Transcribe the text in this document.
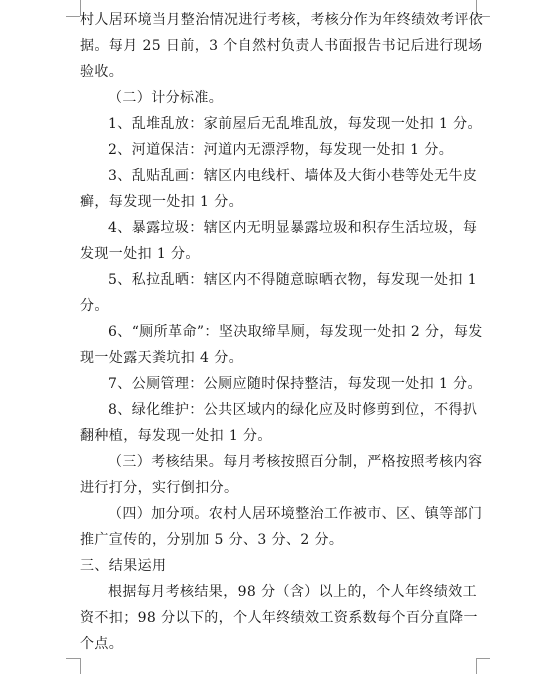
村人居环境当月整治情况进行考核，考核分作为年终绩效考评依
据。每月 25 日前，3 个自然村负责人书面报告书记后进行现场
验收。
（二）计分标准。
1、乱堆乱放：家前屋后无乱堆乱放，每发现一处扣 1 分。
2、河道保洁：河道内无漂浮物，每发现一处扣 1 分。
3、乱贴乱画：辖区内电线杆、墙体及大街小巷等处无牛皮
癣，每发现一处扣 1 分。
4、暴露垃圾：辖区内无明显暴露垃圾和积存生活垃圾，每
发现一处扣 1 分。
5、私拉乱晒：辖区内不得随意晾晒衣物，每发现一处扣 1
分。
6、“厕所革命”：坚决取缔旱厕，每发现一处扣 2 分，每发
现一处露天粪坑扣 4 分。
7、公厕管理：公厕应随时保持整洁，每发现一处扣 1 分。
8、绿化维护：公共区域内的绿化应及时修剪到位，不得扒
翻种植，每发现一处扣 1 分。
（三）考核结果。每月考核按照百分制，严格按照考核内容
进行打分，实行倒扣分。
（四）加分项。农村人居环境整治工作被市、区、镇等部门
推广宣传的，分别加 5 分、3 分、2 分。
三、结果运用
根据每月考核结果，98 分（含）以上的，个人年终绩效工
资不扣；98 分以下的，个人年终绩效工资系数每个百分直降一
个点。
